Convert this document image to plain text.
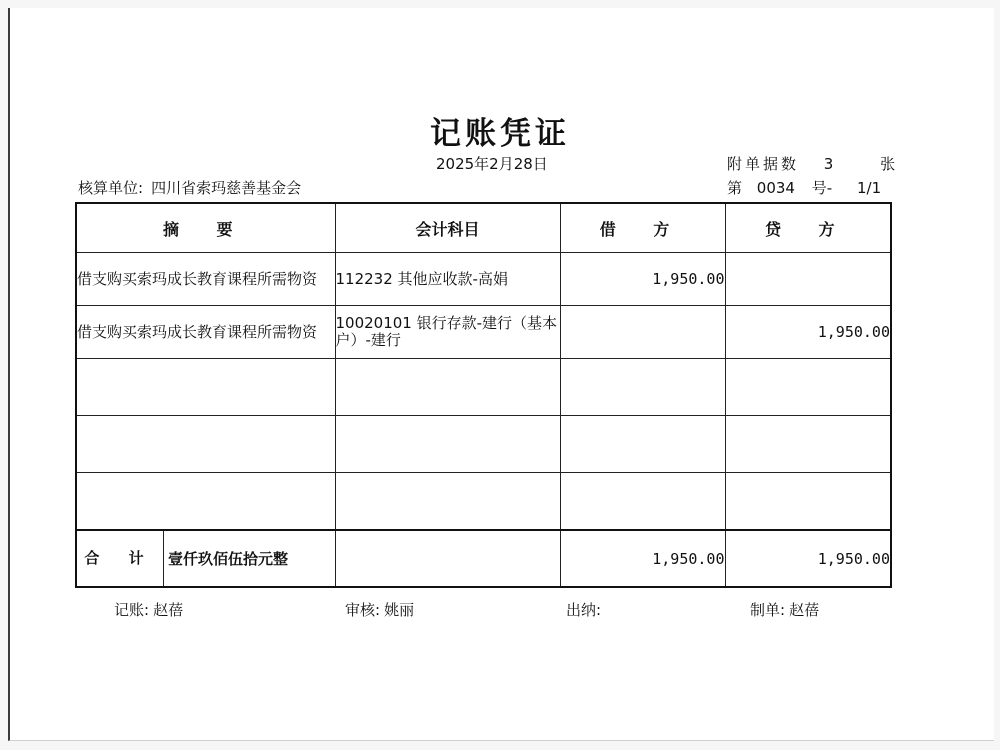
记账凭证
2025年2月28日	附单据数 3	张
核算单位: 四川省索玛慈善基金会	第 0034 号- 1/1
摘 要	会计科目	借 方	贷 方
借支购买索玛成长教育课程所需物资	112232 其他应收款-高娟	1,950.00	
借支购买索玛成长教育课程所需物资	10020101 银行存款-建行（基本户）-建行		1,950.00

合 计 壹仟玖佰伍拾元整		1,950.00	1,950.00
记账: 赵蓓	审核: 姚丽	出纳:	制单: 赵蓓
